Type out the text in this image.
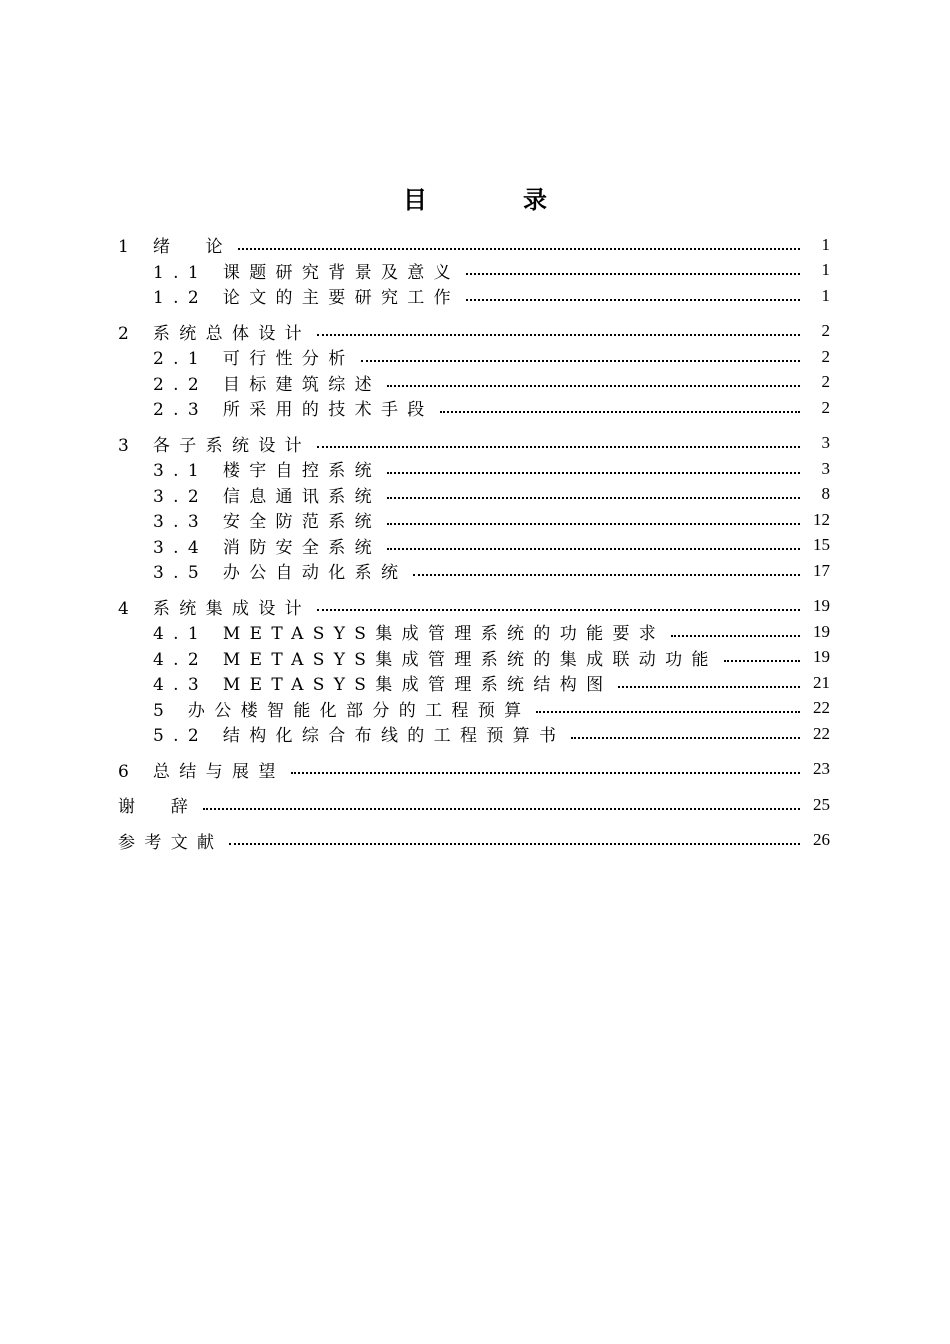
目　录
1 绪　论	1
1.1 课题研究背景及意义	1
1.2 论文的主要研究工作	1
2 系统总体设计	2
2.1 可行性分析	2
2.2 目标建筑综述	2
2.3 所采用的技术手段	2
3 各子系统设计	3
3.1 楼宇自控系统	3
3.2 信息通讯系统	8
3.3 安全防范系统	12
3.4 消防安全系统	15
3.5 办公自动化系统	17
4 系统集成设计	19
4.1 METASYS集成管理系统的功能要求	19
4.2 METASYS集成管理系统的集成联动功能	19
4.3 METASYS集成管理系统结构图	21
5 办公楼智能化部分的工程预算	22
5.2 结构化综合布线的工程预算书	22
6 总结与展望	23
谢　辞	25
参考文献	26
